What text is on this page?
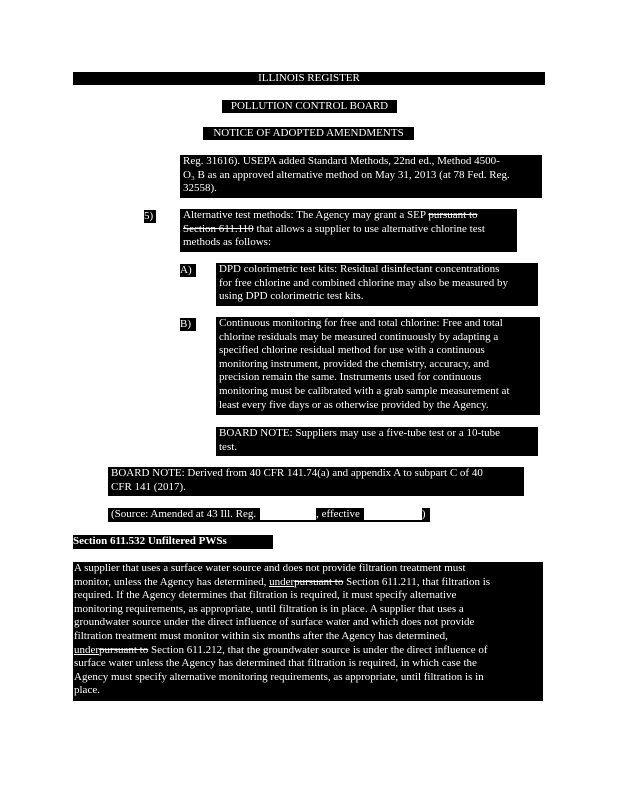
ILLINOIS REGISTER
POLLUTION CONTROL BOARD
NOTICE OF ADOPTED AMENDMENTS
Reg. 31616). USEPA added Standard Methods, 22nd ed., Method 4500-
O₃ B as an approved alternative method on May 31, 2013 (at 78 Fed. Reg.
32558).
5)	Alternative test methods: The Agency may grant a SEP pursuant to
Section 611.110 that allows a supplier to use alternative chlorine test
methods as follows:
A)	DPD colorimetric test kits: Residual disinfectant concentrations
for free chlorine and combined chlorine may also be measured by
using DPD colorimetric test kits.
B)	Continuous monitoring for free and total chlorine: Free and total
chlorine residuals may be measured continuously by adapting a
specified chlorine residual method for use with a continuous
monitoring instrument, provided the chemistry, accuracy, and
precision remain the same. Instruments used for continuous
monitoring must be calibrated with a grab sample measurement at
least every five days or as otherwise provided by the Agency.
BOARD NOTE: Suppliers may use a five-tube test or a 10-tube
test.
BOARD NOTE: Derived from 40 CFR 141.74(a) and appendix A to subpart C of 40
CFR 141 (2017).
(Source: Amended at 43 Ill. Reg.	, effective	)
Section 611.532 Unfiltered PWSs
A supplier that uses a surface water source and does not provide filtration treatment must
monitor, unless the Agency has determined, underpursuant to Section 611.211, that filtration is
required. If the Agency determines that filtration is required, it must specify alternative
monitoring requirements, as appropriate, until filtration is in place. A supplier that uses a
groundwater source under the direct influence of surface water and which does not provide
filtration treatment must monitor within six months after the Agency has determined,
underpursuant to Section 611.212, that the groundwater source is under the direct influence of
surface water unless the Agency has determined that filtration is required, in which case the
Agency must specify alternative monitoring requirements, as appropriate, until filtration is in
place.
